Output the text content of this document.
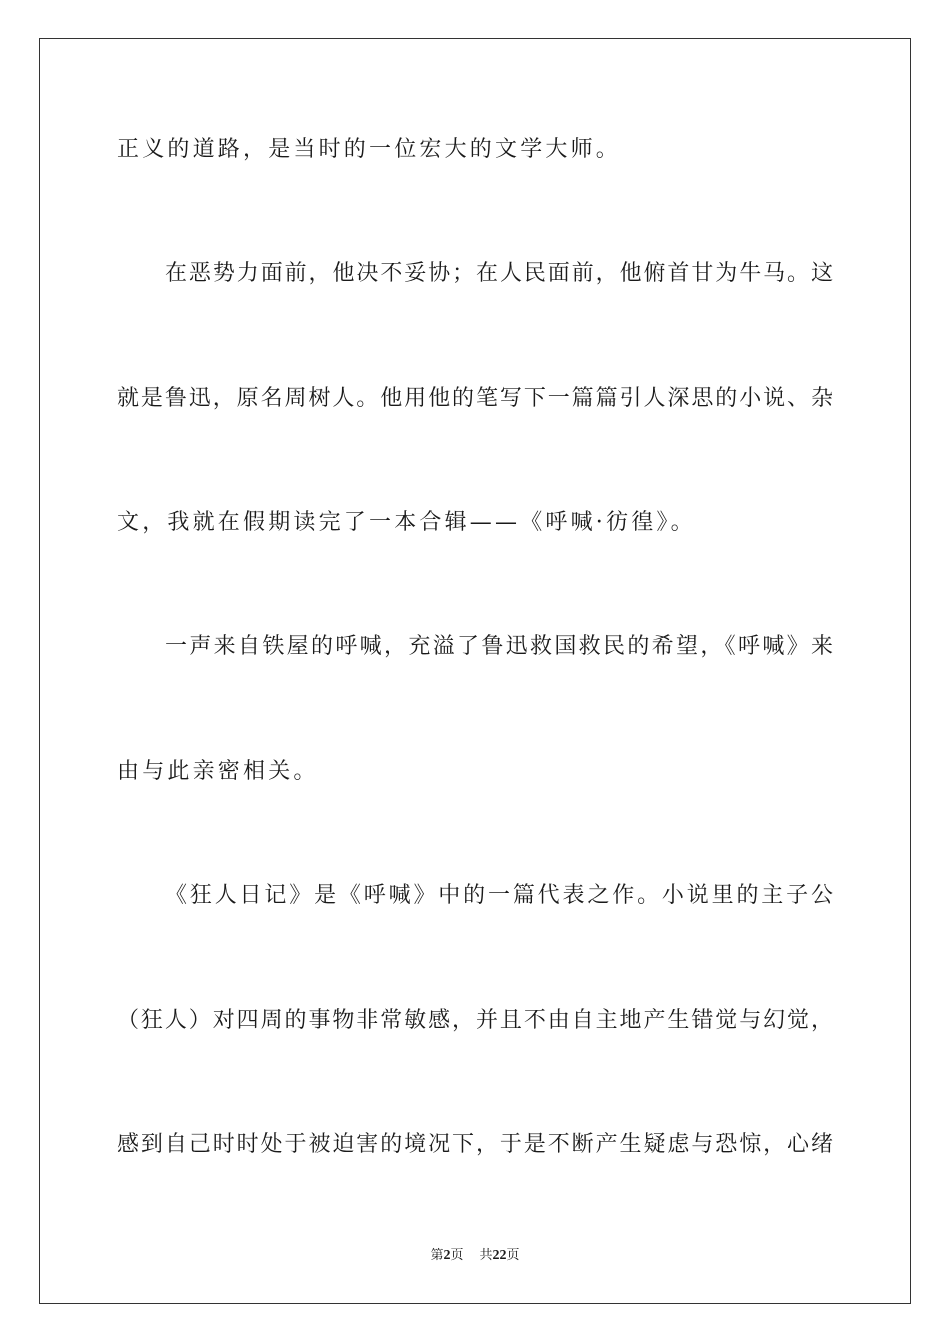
正义的道路，是当时的一位宏大的文学大师。
在恶势力面前，他决不妥协；在人民面前，他俯首甘为牛马。这
就是鲁迅，原名周树人。他用他的笔写下一篇篇引人深思的小说、杂
文，我就在假期读完了一本合辑——《呼喊·彷徨》。
一声来自铁屋的呼喊，充溢了鲁迅救国救民的希望，《呼喊》来
由与此亲密相关。
《狂人日记》是《呼喊》中的一篇代表之作。小说里的主子公
（狂人）对四周的事物非常敏感，并且不由自主地产生错觉与幻觉，
感到自己时时处于被迫害的境况下，于是不断产生疑虑与恐惊，心绪
第2页 共22页
